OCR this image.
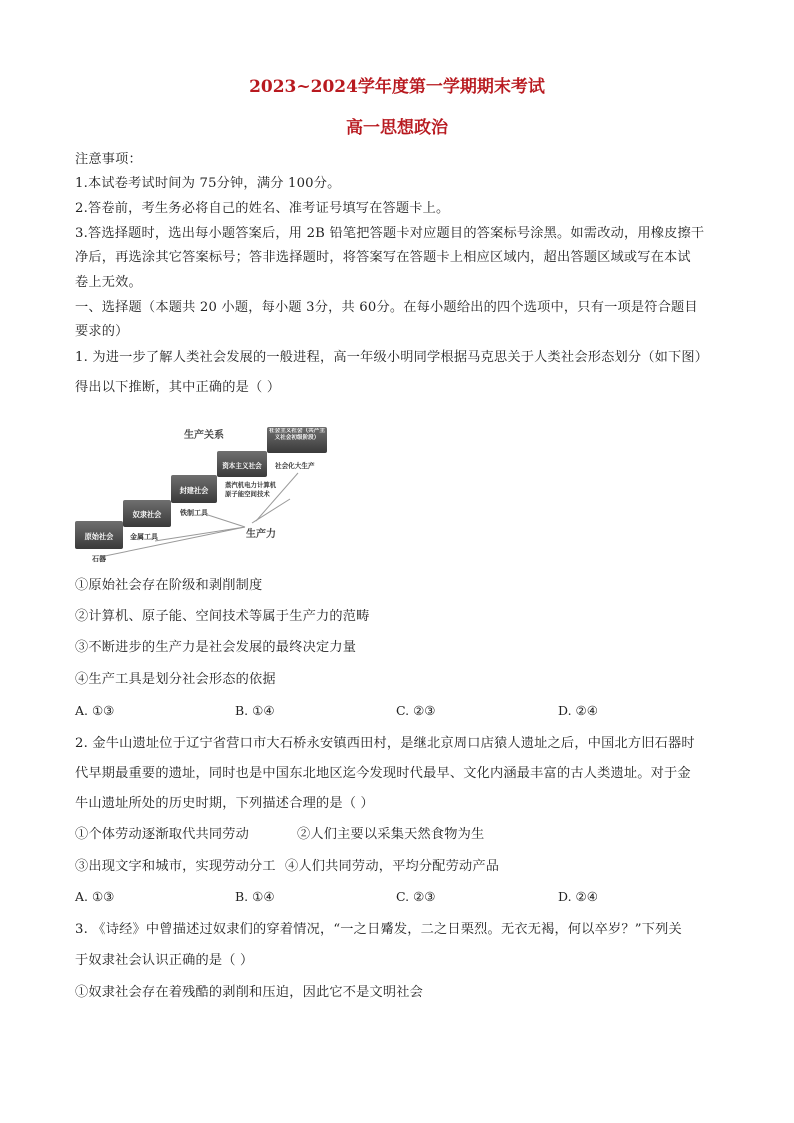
2023~2024学年度第一学期期末考试
高一思想政治
注意事项：
1.本试卷考试时间为 75分钟，满分 100分。
2.答卷前，考生务必将自己的姓名、准考证号填写在答题卡上。
3.答选择题时，选出每小题答案后，用 2B 铅笔把答题卡对应题目的答案标号涂黑。如需改动，用橡皮擦干
净后，再选涂其它答案标号；答非选择题时，将答案写在答题卡上相应区域内，超出答题区域或写在本试
卷上无效。
一、选择题（本题共 20 小题，每小题 3分，共 60分。在每小题给出的四个选项中，只有一项是符合题目
要求的）
1. 为进一步了解人类社会发展的一般进程，高一年级小明同学根据马克思关于人类社会形态划分（如下图）
得出以下推断，其中正确的是（ ）
原始社会
奴隶社会
封建社会
资本主义社会
社会主义社会（共产主义社会初级阶段）
石器
金属工具
铁制工具
蒸汽机电力计算机原子能空间技术
社会化大生产
生产关系
生产力
①原始社会存在阶级和剥削制度
②计算机、原子能、空间技术等属于生产力的范畴
③不断进步的生产力是社会发展的最终决定力量
④生产工具是划分社会形态的依据
A. ①③	B. ①④	C. ②③	D. ②④
2. 金牛山遗址位于辽宁省营口市大石桥永安镇西田村，是继北京周口店猿人遗址之后，中国北方旧石器时
代早期最重要的遗址，同时也是中国东北地区迄今发现时代最早、文化内涵最丰富的古人类遗址。对于金
牛山遗址所处的历史时期，下列描述合理的是（ ）
①个体劳动逐渐取代共同劳动	②人们主要以采集天然食物为生
③出现文字和城市，实现劳动分工 ④人们共同劳动，平均分配劳动产品
A. ①③	B. ①④	C. ②③	D. ②④
3. 《诗经》中曾描述过奴隶们的穿着情况，“一之日觱发，二之日栗烈。无衣无褐，何以卒岁？”下列关
于奴隶社会认识正确的是（ ）
①奴隶社会存在着残酷的剥削和压迫，因此它不是文明社会
